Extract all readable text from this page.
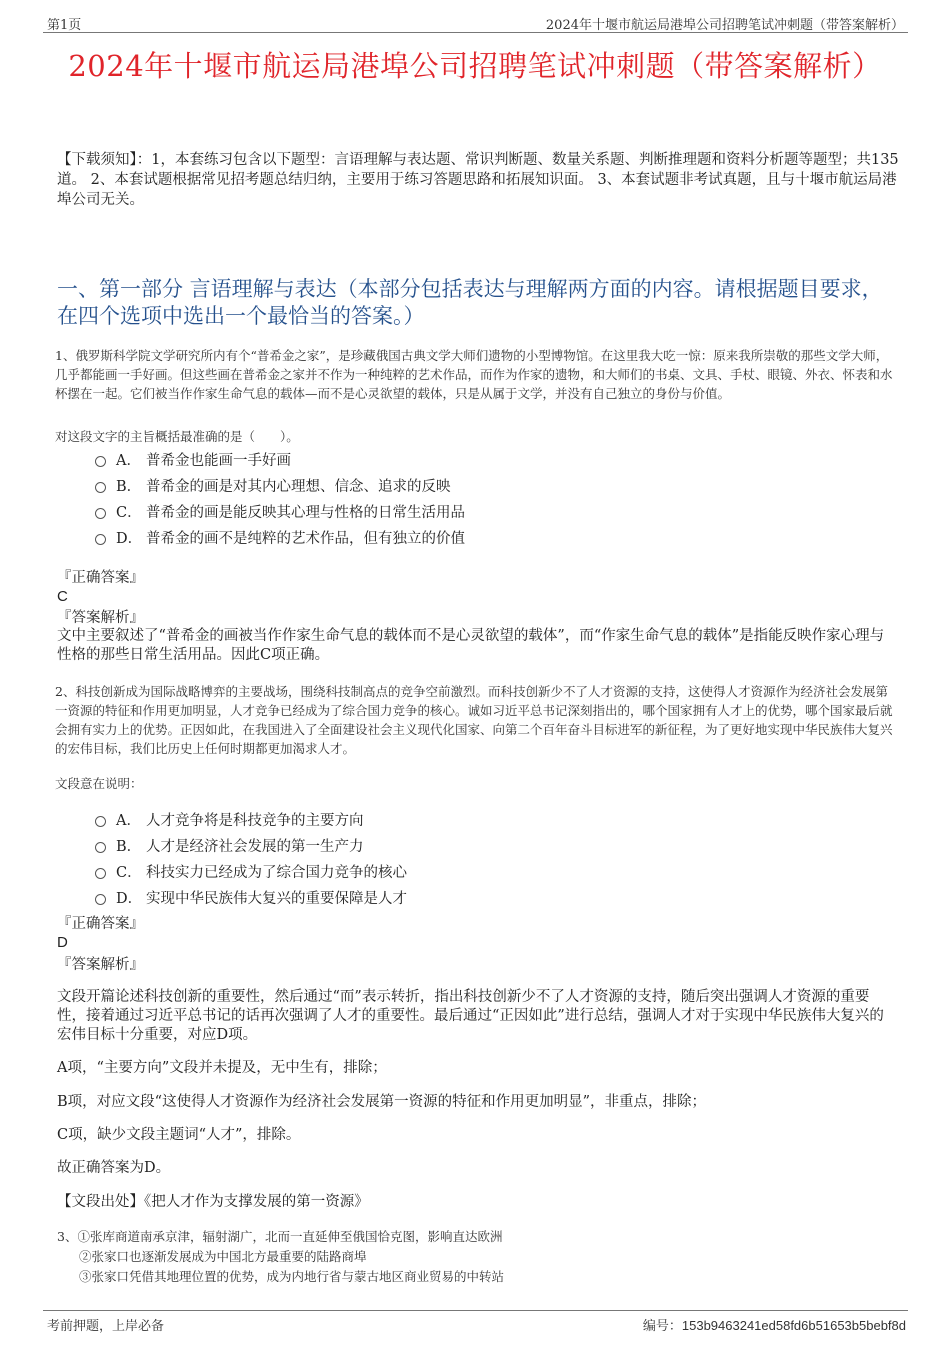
第1页	2024年十堰市航运局港埠公司招聘笔试冲刺题（带答案解析）
2024年十堰市航运局港埠公司招聘笔试冲刺题（带答案解析）
【下载须知】：1，本套练习包含以下题型：言语理解与表达题、常识判断题、数量关系题、判断推理题和资料分析题等题型；共135道。 2、本套试题根据常见招考题总结归纳，主要用于练习答题思路和拓展知识面。 3、本套试题非考试真题，且与十堰市航运局港埠公司无关。
一、第一部分 言语理解与表达（本部分包括表达与理解两方面的内容。请根据题目要求，在四个选项中选出一个最恰当的答案。）
1、俄罗斯科学院文学研究所内有个“普希金之家”，是珍藏俄国古典文学大师们遗物的小型博物馆。在这里我大吃一惊：原来我所崇敬的那些文学大师，几乎都能画一手好画。但这些画在普希金之家并不作为一种纯粹的艺术作品，而作为作家的遗物，和大师们的书桌、文具、手杖、眼镜、外衣、怀表和水杯摆在一起。它们被当作作家生命气息的载体—而不是心灵欲望的载体，只是从属于文学，并没有自己独立的身份与价值。
对这段文字的主旨概括最准确的是（　　）。
A． 普希金也能画一手好画
B． 普希金的画是对其内心理想、信念、追求的反映
C． 普希金的画是能反映其心理与性格的日常生活用品
D． 普希金的画不是纯粹的艺术作品，但有独立的价值
『正确答案』
C
『答案解析』
文中主要叙述了“普希金的画被当作作家生命气息的载体而不是心灵欲望的载体”，而“作家生命气息的载体”是指能反映作家心理与性格的那些日常生活用品。因此C项正确。
2、科技创新成为国际战略博弈的主要战场，围绕科技制高点的竞争空前激烈。而科技创新少不了人才资源的支持，这使得人才资源作为经济社会发展第一资源的特征和作用更加明显，人才竞争已经成为了综合国力竞争的核心。诚如习近平总书记深刻指出的，哪个国家拥有人才上的优势，哪个国家最后就会拥有实力上的优势。正因如此，在我国进入了全面建设社会主义现代化国家、向第二个百年奋斗目标进军的新征程，为了更好地实现中华民族伟大复兴的宏伟目标，我们比历史上任何时期都更加渴求人才。
文段意在说明：
A． 人才竞争将是科技竞争的主要方向
B． 人才是经济社会发展的第一生产力
C． 科技实力已经成为了综合国力竞争的核心
D． 实现中华民族伟大复兴的重要保障是人才
『正确答案』
D
『答案解析』
文段开篇论述科技创新的重要性，然后通过“而”表示转折，指出科技创新少不了人才资源的支持，随后突出强调人才资源的重要性，接着通过习近平总书记的话再次强调了人才的重要性。最后通过“正因如此”进行总结，强调人才对于实现中华民族伟大复兴的宏伟目标十分重要，对应D项。
A项，“主要方向”文段并未提及，无中生有，排除；
B项，对应文段“这使得人才资源作为经济社会发展第一资源的特征和作用更加明显”，非重点，排除；
C项，缺少文段主题词“人才”，排除。
故正确答案为D。
【文段出处】《把人才作为支撑发展的第一资源》
3、①张库商道南承京津，辐射湖广，北而一直延伸至俄国恰克图，影响直达欧洲
②张家口也逐渐发展成为中国北方最重要的陆路商埠
③张家口凭借其地理位置的优势，成为内地行省与蒙古地区商业贸易的中转站
考前押题，上岸必备	编号：153b9463241ed58fd6b51653b5bebf8d
